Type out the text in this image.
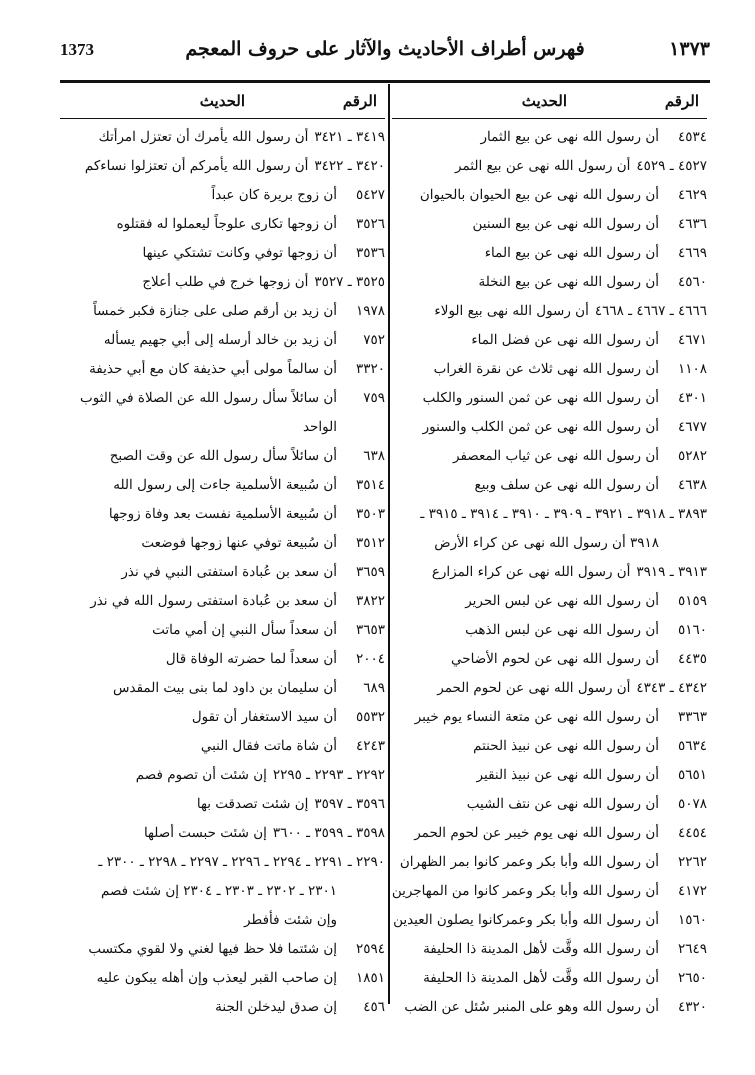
1373	فهرس أطراف الأحاديث والآثار على حروف المعجم	١٣٧٣
الرقم
الحديث
٤٥٣٤
أن رسول الله نهى عن بيع الثمار
٤٥٢٧ ـ ٤٥٢٩
أن رسول الله نهى عن بيع الثمر
٤٦٢٩
أن رسول الله نهى عن بيع الحيوان بالحيوان
٤٦٣٦
أن رسول الله نهى عن بيع السنين
٤٦٦٩
أن رسول الله نهى عن بيع الماء
٤٥٦٠
أن رسول الله نهى عن بيع النخلة
٤٦٦٦ ـ ٤٦٦٧ ـ ٤٦٦٨
أن رسول الله نهى بيع الولاء
٤٦٧١
أن رسول الله نهى عن فضل الماء
١١٠٨
أن رسول الله نهى ثلاث عن نقرة الغراب
٤٣٠١
أن رسول الله نهى عن ثمن السنور والكلب
٤٦٧٧
أن رسول الله نهى عن ثمن الكلب والسنور
٥٢٨٢
أن رسول الله نهى عن ثياب المعصفر
٤٦٣٨
أن رسول الله نهى عن سلف وبيع
٣٨٩٣ ـ ٣٩١٨ ـ ٣٩٢١ ـ ٣٩٠٩ ـ ٣٩١٠ ـ ٣٩١٤ ـ ٣٩١٥ ـ
٣٩١٨ أن رسول الله نهى عن كراء الأرض
٣٩١٣ ـ ٣٩١٩
أن رسول الله نهى عن كراء المزارع
٥١٥٩
أن رسول الله نهى عن لبس الحرير
٥١٦٠
أن رسول الله نهى عن لبس الذهب
٤٤٣٥
أن رسول الله نهى عن لحوم الأضاحي
٤٣٤٢ ـ ٤٣٤٣
أن رسول الله نهى عن لحوم الحمر
٣٣٦٣
أن رسول الله نهى عن متعة النساء يوم خيبر
٥٦٣٤
أن رسول الله نهى عن نبيذ الحنتم
٥٦٥١
أن رسول الله نهى عن نبيذ النقير
٥٠٧٨
أن رسول الله نهى عن نتف الشيب
٤٤٥٤
أن رسول الله نهى يوم خيبر عن لحوم الحمر
٢٢٦٢
أن رسول الله وأبا بكر وعمر كانوا بمر الظهران
٤١٧٢
أن رسول الله وأبا بكر وعمر كانوا من المهاجرين
١٥٦٠
أن رسول الله وأبا بكر وعمركانوا يصلون العيدين
٢٦٤٩
أن رسول الله وقَّت لأهل المدينة ذا الحليفة
٢٦٥٠
أن رسول الله وقَّت لأهل المدينة ذا الحليفة
٤٣٢٠
أن رسول الله وهو على المنبر سُئل عن الضب
الرقم
الحديث
٣٤١٩ ـ ٣٤٢١
أن رسول الله يأمرك أن تعتزل امرأتك
٣٤٢٠ ـ ٣٤٢٢
أن رسول الله يأمركم أن تعتزلوا نساءكم
٥٤٢٧
أن زوج بريرة كان عبداً
٣٥٢٦
أن زوجها تكارى علوجاً ليعملوا له فقتلوه
٣٥٣٦
أن زوجها توفي وكانت تشتكي عينها
٣٥٢٥ ـ ٣٥٢٧
أن زوجها خرج في طلب أعلاج
١٩٧٨
أن زيد بن أرقم صلى على جنازة فكبر خمساً
٧٥٢
أن زيد بن خالد أرسله إلى أبي جهيم يسأله
٣٣٢٠
أن سالماً مولى أبي حذيفة كان مع أبي حذيفة
٧٥٩
أن سائلاً سأل رسول الله عن الصلاة في الثوب
الواحد
٦٣٨
أن سائلاً سأل رسول الله عن وقت الصبح
٣٥١٤
أن سُبيعة الأسلمية جاءت إلى رسول الله
٣٥٠٣
أن سُبيعة الأسلمية نفست بعد وفاة زوجها
٣٥١٢
أن سُبيعة توفي عنها زوجها فوضعت
٣٦٥٩
أن سعد بن عُبادة استفتى النبي في نذر
٣٨٢٢
أن سعد بن عُبادة استفتى رسول الله في نذر
٣٦٥٣
أن سعداً سأل النبي إن أمي ماتت
٢٠٠٤
أن سعداً لما حضرته الوفاة قال
٦٨٩
أن سليمان بن داود لما بنى بيت المقدس
٥٥٣٢
أن سيد الاستغفار أن تقول
٤٢٤٣
أن شاة ماتت فقال النبي
٢٢٩٢ ـ ٢٢٩٣ ـ ٢٢٩٥
إن شئت أن تصوم فصم
٣٥٩٦ ـ ٣٥٩٧
إن شئت تصدقت بها
٣٥٩٨ ـ ٣٥٩٩ ـ ٣٦٠٠
إن شئت حبست أصلها
٢٢٩٠ ـ ٢٢٩١ ـ ٢٢٩٤ ـ ٢٢٩٦ ـ ٢٢٩٧ ـ ٢٢٩٨ ـ ٢٣٠٠ ـ
٢٣٠١ ـ ٢٣٠٢ ـ ٢٣٠٣ ـ ٢٣٠٤ إن شئت فصم
وإن شئت فأفطر
٢٥٩٤
إن شئتما فلا حظ فيها لغني ولا لقوي مكتسب
١٨٥١
إن صاحب القبر ليعذب وإن أهله يبكون عليه
٤٥٦
إن صدق ليدخلن الجنة
